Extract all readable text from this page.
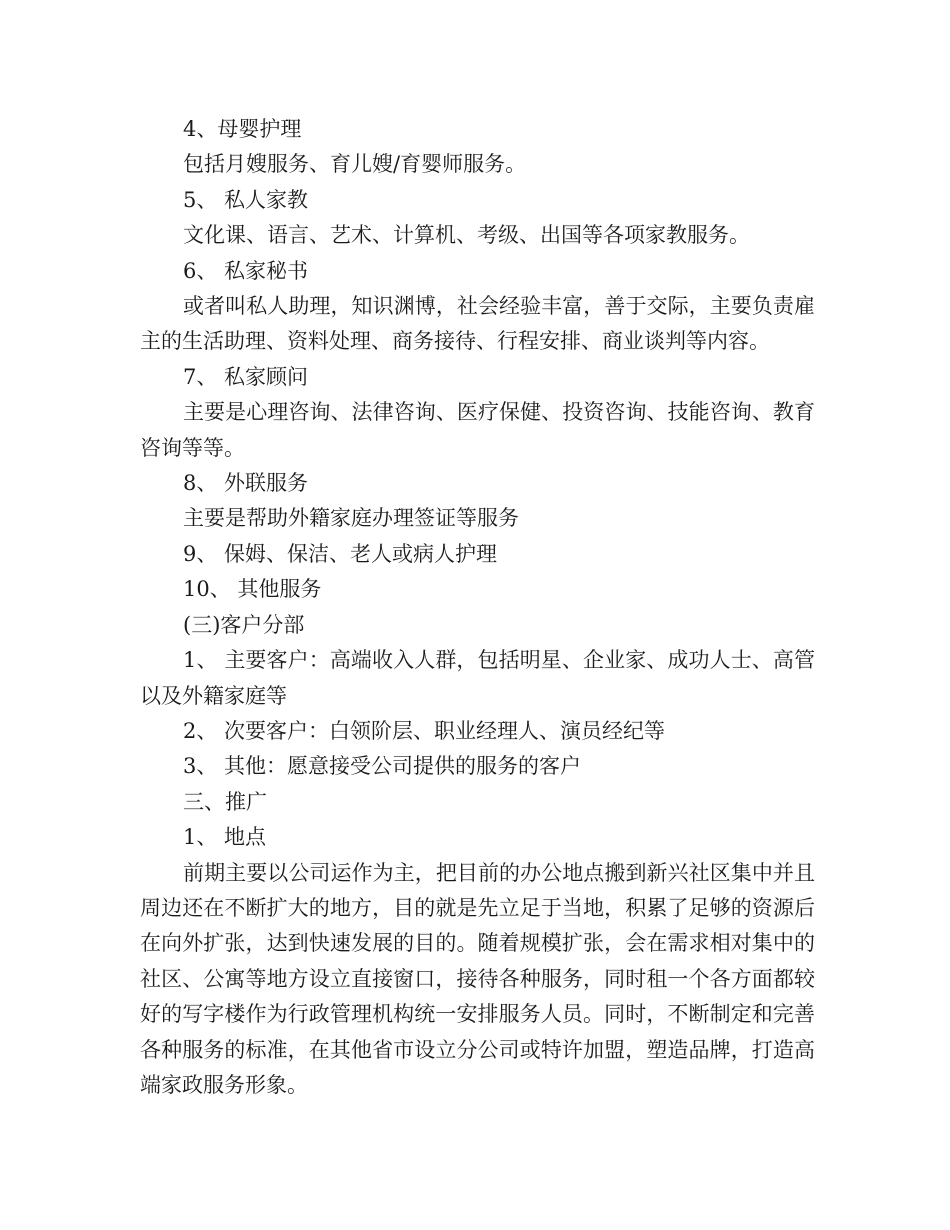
4、母婴护理

包括月嫂服务、育儿嫂/育婴师服务。

5、 私人家教

文化课、语言、艺术、计算机、考级、出国等各项家教服务。

6、 私家秘书

或者叫私人助理，知识渊博，社会经验丰富，善于交际，主要负责雇主的生活助理、资料处理、商务接待、行程安排、商业谈判等内容。

7、 私家顾问

主要是心理咨询、法律咨询、医疗保健、投资咨询、技能咨询、教育咨询等等。

8、 外联服务

主要是帮助外籍家庭办理签证等服务

9、 保姆、保洁、老人或病人护理

10、 其他服务

(三)客户分部

1、 主要客户：高端收入人群，包括明星、企业家、成功人士、高管以及外籍家庭等

2、 次要客户：白领阶层、职业经理人、演员经纪等

3、 其他：愿意接受公司提供的服务的客户

三、推广

1、 地点

前期主要以公司运作为主，把目前的办公地点搬到新兴社区集中并且周边还在不断扩大的地方，目的就是先立足于当地，积累了足够的资源后在向外扩张，达到快速发展的目的。随着规模扩张，会在需求相对集中的社区、公寓等地方设立直接窗口，接待各种服务，同时租一个各方面都较好的写字楼作为行政管理机构统一安排服务人员。同时，不断制定和完善各种服务的标准，在其他省市设立分公司或特许加盟，塑造品牌，打造高端家政服务形象。
